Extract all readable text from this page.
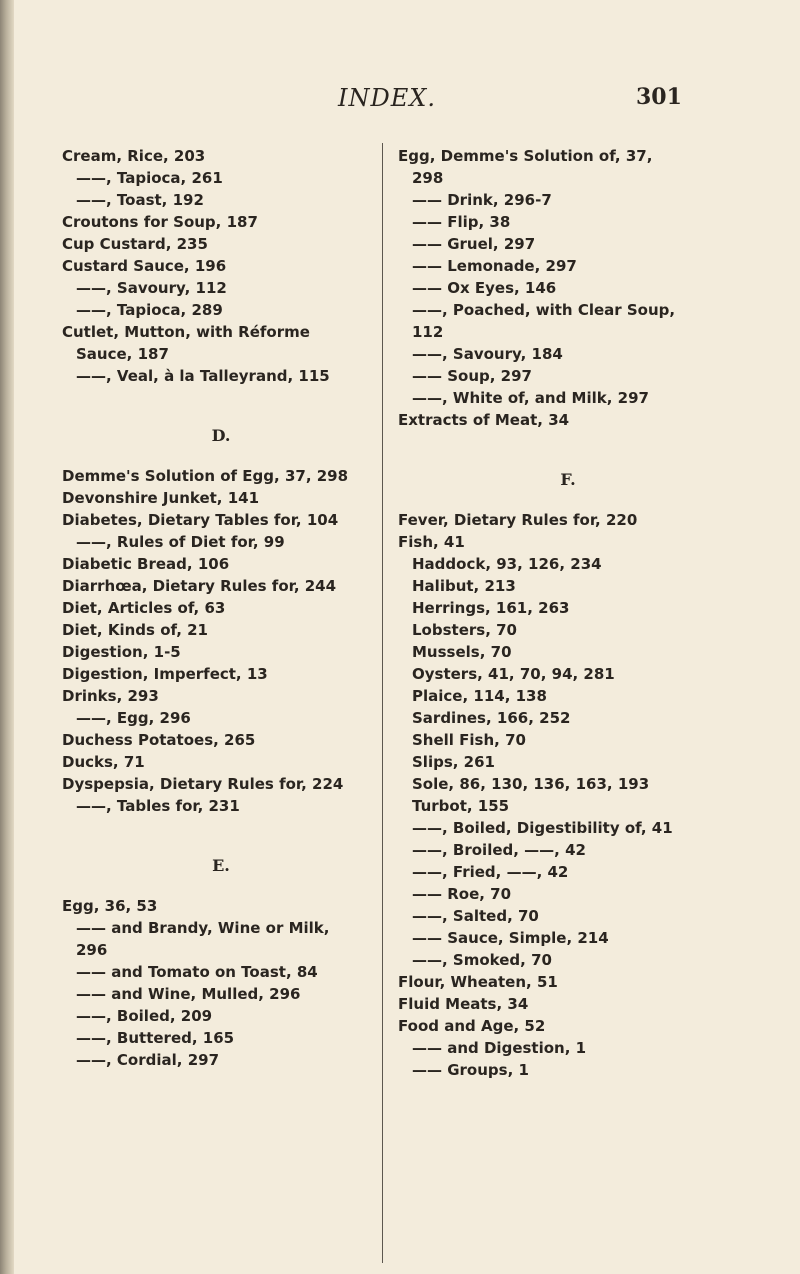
INDEX.	301
Cream, Rice, 203
——, Tapioca, 261
——, Toast, 192
Croutons for Soup, 187
Cup Custard, 235
Custard Sauce, 196
——, Savoury, 112
——, Tapioca, 289
Cutlet, Mutton, with Réforme
Sauce, 187
——, Veal, à la Talleyrand, 115
D.
Demme's Solution of Egg, 37, 298
Devonshire Junket, 141
Diabetes, Dietary Tables for, 104
——, Rules of Diet for, 99
Diabetic Bread, 106
Diarrhœa, Dietary Rules for, 244
Diet, Articles of, 63
Diet, Kinds of, 21
Digestion, 1-5
Digestion, Imperfect, 13
Drinks, 293
——, Egg, 296
Duchess Potatoes, 265
Ducks, 71
Dyspepsia, Dietary Rules for, 224
——, Tables for, 231
E.
Egg, 36, 53
—— and Brandy, Wine or Milk,
296
—— and Tomato on Toast, 84
—— and Wine, Mulled, 296
——, Boiled, 209
——, Buttered, 165
——, Cordial, 297
Egg, Demme's Solution of, 37,
298
—— Drink, 296-7
—— Flip, 38
—— Gruel, 297
—— Lemonade, 297
—— Ox Eyes, 146
——, Poached, with Clear Soup,
112
——, Savoury, 184
—— Soup, 297
——, White of, and Milk, 297
Extracts of Meat, 34
F.
Fever, Dietary Rules for, 220
Fish, 41
Haddock, 93, 126, 234
Halibut, 213
Herrings, 161, 263
Lobsters, 70
Mussels, 70
Oysters, 41, 70, 94, 281
Plaice, 114, 138
Sardines, 166, 252
Shell Fish, 70
Slips, 261
Sole, 86, 130, 136, 163, 193
Turbot, 155
——, Boiled, Digestibility of, 41
——, Broiled, ——, 42
——, Fried, ——, 42
—— Roe, 70
——, Salted, 70
—— Sauce, Simple, 214
——, Smoked, 70
Flour, Wheaten, 51
Fluid Meats, 34
Food and Age, 52
—— and Digestion, 1
—— Groups, 1
